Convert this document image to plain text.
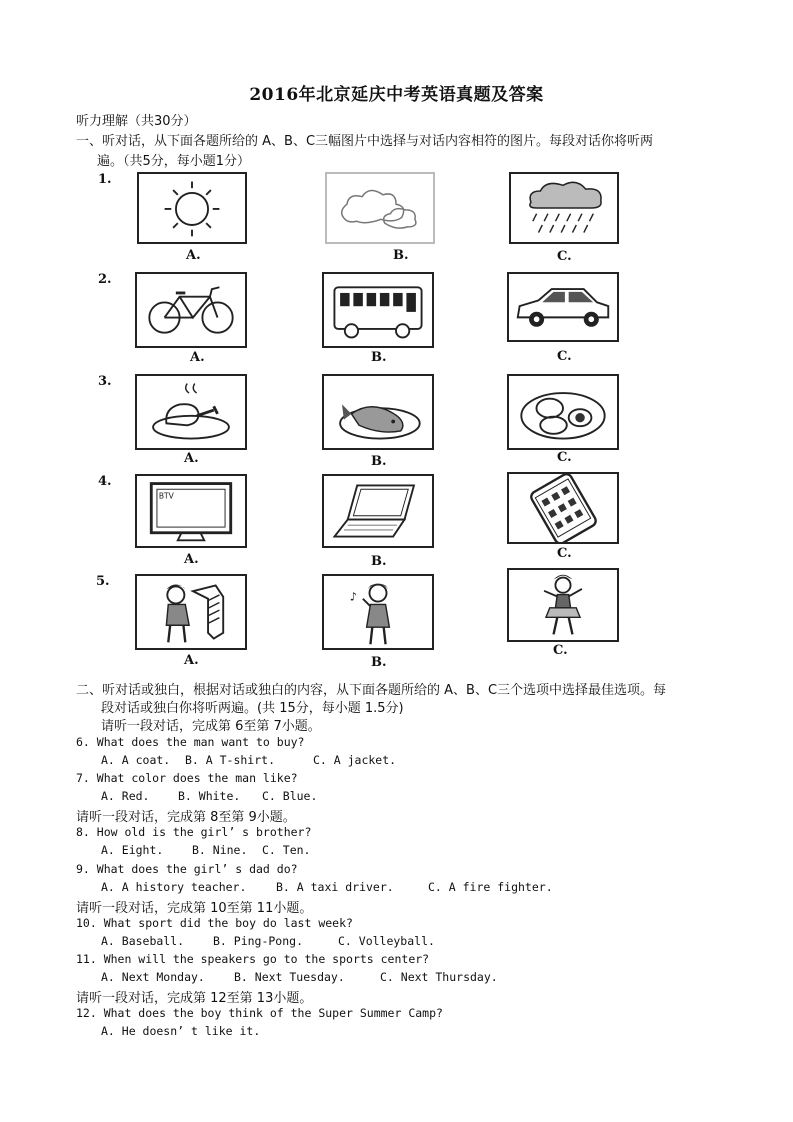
2016年北京延庆中考英语真题及答案
听力理解（共30分）
一、听对话，从下面各题所给的 A、B、C三幅图片中选择与对话内容相符的图片。每段对话你将听两
遍。（共5分，每小题1分）
1.
A.	B.	C.
2.
A.	B.	C.
3.
A.	B.	C.
4.
BTV
A.	B.
C.
5.
♪
A.	B.
C.
二、听对话或独白，根据对话或独白的内容，从下面各题所给的 A、B、C三个选项中选择最佳选项。每
段对话或独白你将听两遍。(共 15分，每小题 1.5分)
请听一段对话，完成第 6至第 7小题。
6. What does the man want to buy?
A. A coat. B. A T-shirt.	C. A jacket.
7. What color does the man like?
A. Red. B. White. C. Blue.
请听一段对话，完成第 8至第 9小题。
8. How old is the girl’ s brother?
A. Eight. B. Nine. C. Ten.
9. What does the girl’ s dad do?
A. A history teacher.	B. A taxi driver.	C. A fire fighter.
请听一段对话，完成第 10至第 11小题。
10. What sport did the boy do last week?
A. Baseball.	B. Ping-Pong.	C. Volleyball.
11. When will the speakers go to the sports center?
A. Next Monday.	B. Next Tuesday.	C. Next Thursday.
请听一段对话，完成第 12至第 13小题。
12. What does the boy think of the Super Summer Camp?
A. He doesn’ t like it.
